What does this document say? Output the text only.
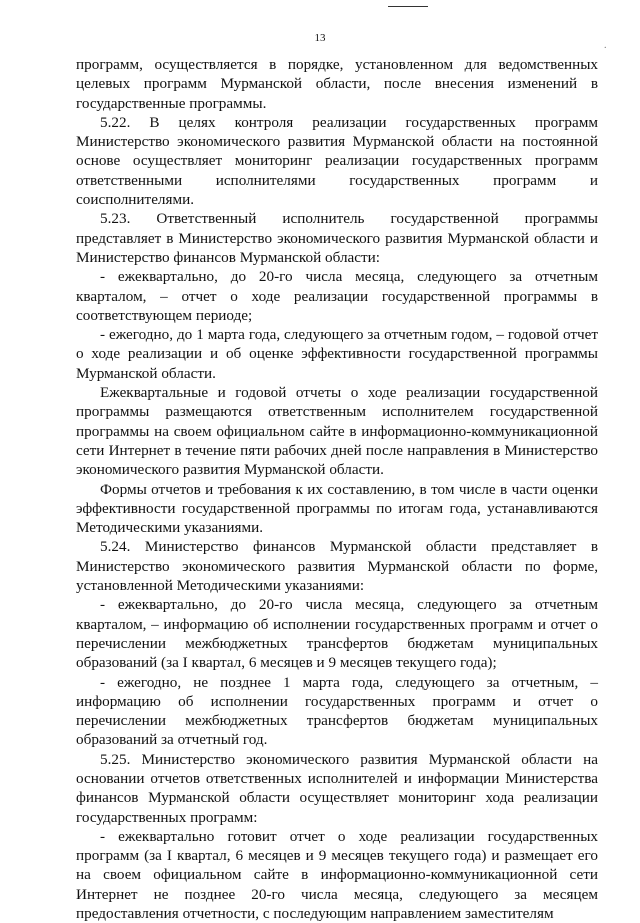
13
.

программ, осуществляется в порядке, установленном для ведомственных целевых программ Мурманской области, после внесения изменений в государственные программы.

5.22. В целях контроля реализации государственных программ Министерство экономического развития Мурманской области на постоянной основе осуществляет мониторинг реализации государственных программ ответственными исполнителями государственных программ и соисполнителями.

5.23. Ответственный исполнитель государственной программы представляет в Министерство экономического развития Мурманской области и Министерство финансов Мурманской области:

- ежеквартально, до 20-го числа месяца, следующего за отчетным кварталом, – отчет о ходе реализации государственной программы в соответствующем периоде;

- ежегодно, до 1 марта года, следующего за отчетным годом, – годовой отчет о ходе реализации и об оценке эффективности государственной программы Мурманской области.

Ежеквартальные и годовой отчеты о ходе реализации государственной программы размещаются ответственным исполнителем государственной программы на своем официальном сайте в информационно-коммуникационной сети Интернет в течение пяти рабочих дней после направления в Министерство экономического развития Мурманской области.

Формы отчетов и требования к их составлению, в том числе в части оценки эффективности государственной программы по итогам года, устанавливаются Методическими указаниями.

5.24. Министерство финансов Мурманской области представляет в Министерство экономического развития Мурманской области по форме, установленной Методическими указаниями:

- ежеквартально, до 20-го числа месяца, следующего за отчетным кварталом, – информацию об исполнении государственных программ и отчет о перечислении межбюджетных трансфертов бюджетам муниципальных образований (за I квартал, 6 месяцев и 9 месяцев текущего года);

- ежегодно, не позднее 1 марта года, следующего за отчетным, – информацию об исполнении государственных программ и отчет о перечислении межбюджетных трансфертов бюджетам муниципальных образований за отчетный год.

5.25. Министерство экономического развития Мурманской области на основании отчетов ответственных исполнителей и информации Министерства финансов Мурманской области осуществляет мониторинг хода реализации государственных программ:

- ежеквартально готовит отчет о ходе реализации государственных программ (за I квартал, 6 месяцев и 9 месяцев текущего года) и размещает его на своем официальном сайте в информационно-коммуникационной сети Интернет не позднее 20-го числа месяца, следующего за месяцем предоставления отчетности, с последующим направлением заместителям
